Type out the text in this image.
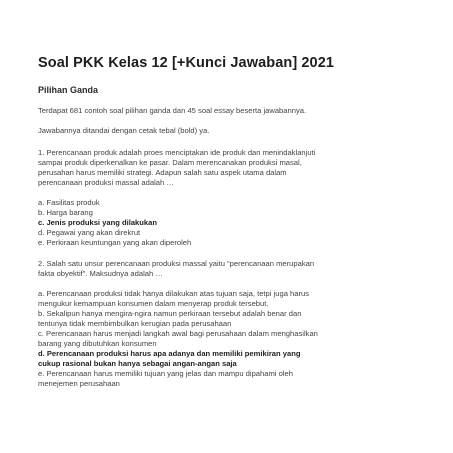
Soal PKK Kelas 12 [+Kunci Jawaban] 2021
Pilihan Ganda

Terdapat 681 contoh soal pilihan ganda dan 45 soal essay beserta jawabannya.

Jawabannya ditandai dengan cetak tebal (bold) ya.

1. Perencanaan produk adalah proes menciptakan ide produk dan menindaklanjuti
sampai produk diperkenalkan ke pasar. Dalam merencanakan produksi masal,
perusahan harus memiliki strategi. Adapun salah satu aspek utama dalam
perencanaan produksi massal adalah …

a. Fasilitas produk

b. Harga barang

c. Jenis produksi yang dilakukan

d. Pegawai yang akan direkrut

e. Perkiraan keuntungan yang akan diperoleh

2. Salah satu unsur perencanaan produksi massal yaitu “perencanaan merupakan
fakta obyektif”. Maksudnya adalah …
a. Perencanaan produksi tidak hanya dilakukan atas tujuan saja, tetpi juga harus
mengukur kemampuan konsumen dalam menyerap produk tersebut.
b. Sekalipun hanya mengira-ngira namun perkiraan tersebut adalah benar dan
tentunya tidak membimbulkan kerugian pada perusahaan
c. Perencanaan harus menjadi langkah awal bagi perusahaan dalam menghasilkan
barang yang dibutuhkan konsumen
d. Perencanaan produksi harus apa adanya dan memiliki pemikiran yang
cukup rasional bukan hanya sebagai angan-angan saja
e. Perencanaan harus memiliki tujuan yang jelas dan mampu dipahami oleh
menejemen perusahaan
